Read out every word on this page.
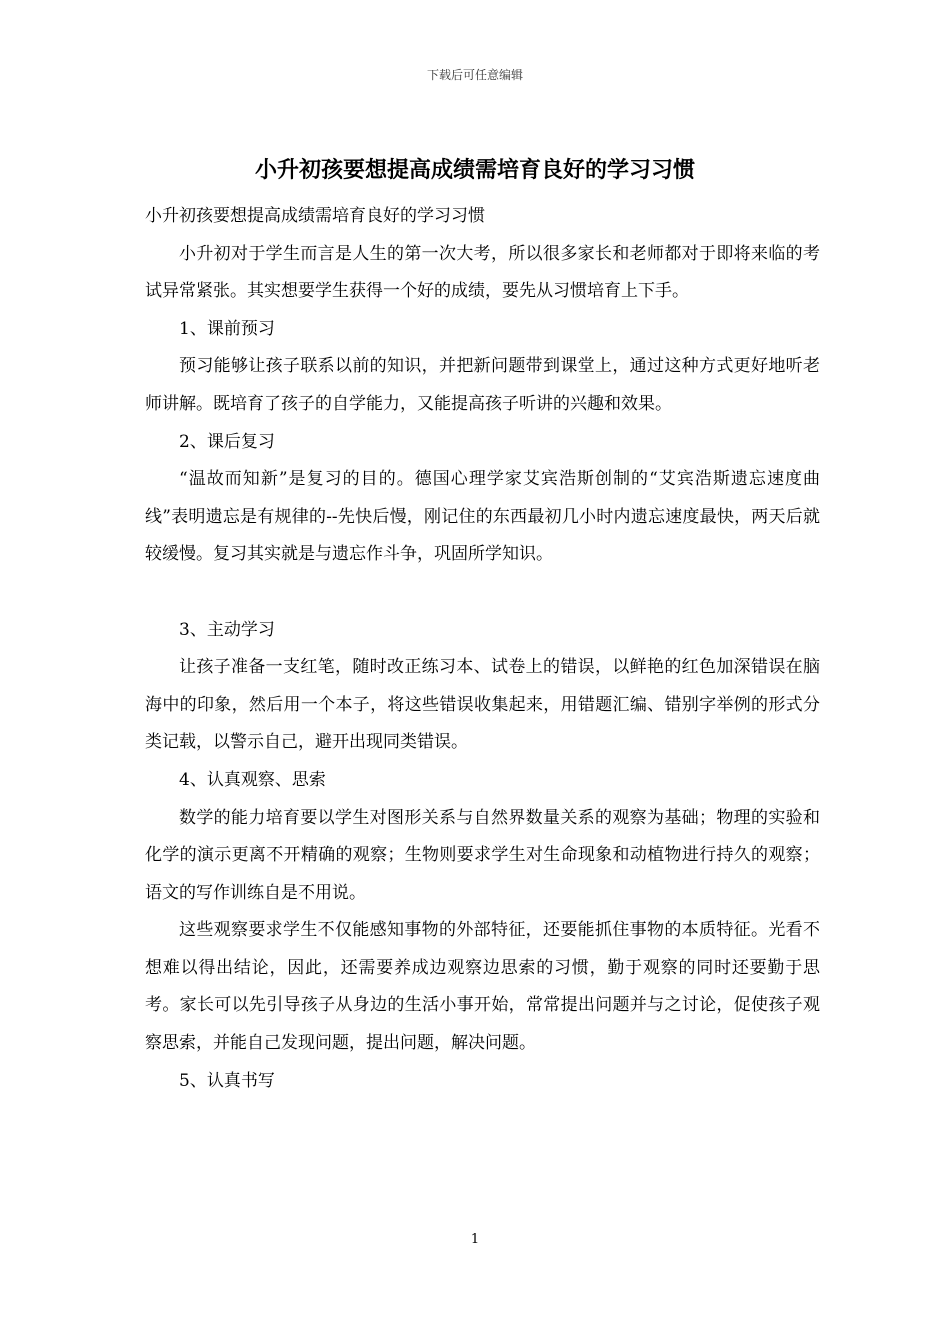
下载后可任意编辑
小升初孩要想提高成绩需培育良好的学习习惯

小升初孩要想提高成绩需培育良好的学习习惯

小升初对于学生而言是人生的第一次大考，所以很多家长和老师都对于即将来临的考试异常紧张。其实想要学生获得一个好的成绩，要先从习惯培育上下手。

1、课前预习

预习能够让孩子联系以前的知识，并把新问题带到课堂上，通过这种方式更好地听老师讲解。既培育了孩子的自学能力，又能提高孩子听讲的兴趣和效果。

2、课后复习

“温故而知新”是复习的目的。德国心理学家艾宾浩斯创制的“艾宾浩斯遗忘速度曲线”表明遗忘是有规律的--先快后慢，刚记住的东西最初几小时内遗忘速度最快，两天后就较缓慢。复习其实就是与遗忘作斗争，巩固所学知识。

3、主动学习

让孩子准备一支红笔，随时改正练习本、试卷上的错误，以鲜艳的红色加深错误在脑海中的印象，然后用一个本子，将这些错误收集起来，用错题汇编、错别字举例的形式分类记载，以警示自己，避开出现同类错误。

4、认真观察、思索

数学的能力培育要以学生对图形关系与自然界数量关系的观察为基础；物理的实验和化学的演示更离不开精确的观察；生物则要求学生对生命现象和动植物进行持久的观察；语文的写作训练自是不用说。

这些观察要求学生不仅能感知事物的外部特征，还要能抓住事物的本质特征。光看不想难以得出结论，因此，还需要养成边观察边思索的习惯，勤于观察的同时还要勤于思考。家长可以先引导孩子从身边的生活小事开始，常常提出问题并与之讨论，促使孩子观察思索，并能自己发现问题，提出问题，解决问题。

5、认真书写

1
